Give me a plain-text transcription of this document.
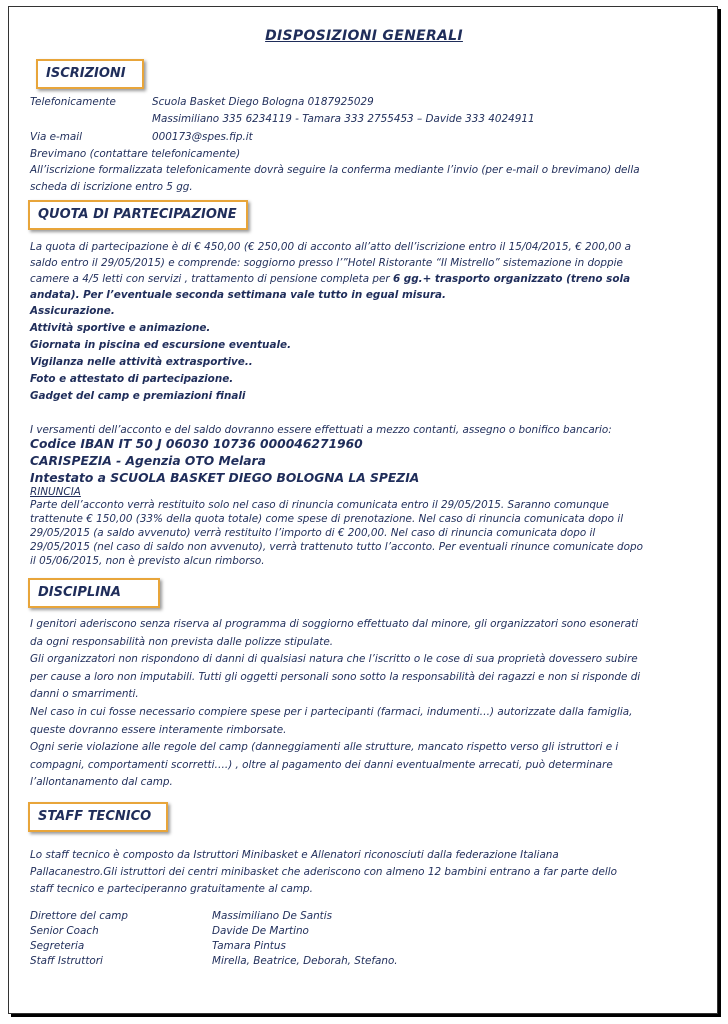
DISPOSIZIONI GENERALI
ISCRIZIONI
Telefonicamente	Scuola Basket Diego Bologna 0187925029
Massimiliano 335 6234119 - Tamara 333 2755453 – Davide 333 4024911
Via e-mail	000173@spes.fip.it
Brevimano (contattare telefonicamente)
All’iscrizione formalizzata telefonicamente dovrà seguire la conferma mediante l’invio (per e-mail o brevimano) della
scheda di iscrizione entro 5 gg.
QUOTA DI PARTECIPAZIONE
La quota di partecipazione è di € 450,00 (€ 250,00 di acconto all’atto dell’iscrizione entro il 15/04/2015, € 200,00 a
saldo entro il 29/05/2015) e comprende: soggiorno presso l’”Hotel Ristorante “Il Mistrello” sistemazione in doppie
camere a 4/5 letti con servizi , trattamento di pensione completa per 6 gg.+ trasporto organizzato (treno sola
andata). Per l’eventuale seconda settimana vale tutto in egual misura.
Assicurazione.
Attività sportive e animazione.
Giornata in piscina ed escursione eventuale.
Vigilanza nelle attività extrasportive..
Foto e attestato di partecipazione.
Gadget del camp e premiazioni finali
I versamenti dell’acconto e del saldo dovranno essere effettuati a mezzo contanti, assegno o bonifico bancario:
Codice IBAN IT 50 J 06030 10736 000046271960
CARISPEZIA - Agenzia OTO Melara
Intestato a SCUOLA BASKET DIEGO BOLOGNA LA SPEZIA
RINUNCIA
Parte dell’acconto verrà restituito solo nel caso di rinuncia comunicata entro il 29/05/2015. Saranno comunque
trattenute € 150,00 (33% della quota totale) come spese di prenotazione. Nel caso di rinuncia comunicata dopo il
29/05/2015 (a saldo avvenuto) verrà restituito l’importo di € 200,00. Nel caso di rinuncia comunicata dopo il
29/05/2015 (nel caso di saldo non avvenuto), verrà trattenuto tutto l’acconto. Per eventuali rinunce comunicate dopo
il 05/06/2015, non è previsto alcun rimborso.
DISCIPLINA
I genitori aderiscono senza riserva al programma di soggiorno effettuato dal minore, gli organizzatori sono esonerati
da ogni responsabilità non prevista dalle polizze stipulate.
Gli organizzatori non rispondono di danni di qualsiasi natura che l’iscritto o le cose di sua proprietà dovessero subire
per cause a loro non imputabili. Tutti gli oggetti personali sono sotto la responsabilità dei ragazzi e non si risponde di
danni o smarrimenti.
Nel caso in cui fosse necessario compiere spese per i partecipanti (farmaci, indumenti…) autorizzate dalla famiglia,
queste dovranno essere interamente rimborsate.
Ogni serie violazione alle regole del camp (danneggiamenti alle strutture, mancato rispetto verso gli istruttori e i
compagni, comportamenti scorretti….) , oltre al pagamento dei danni eventualmente arrecati, può determinare
l’allontanamento dal camp.
STAFF TECNICO
Lo staff tecnico è composto da Istruttori Minibasket e Allenatori riconosciuti dalla federazione Italiana
Pallacanestro.Gli istruttori dei centri minibasket che aderiscono con almeno 12 bambini entrano a far parte dello
staff tecnico e parteciperanno gratuitamente al camp.
Direttore del camp	Massimiliano De Santis
Senior Coach	Davide De Martino
Segreteria	Tamara Pintus
Staff Istruttori	Mirella, Beatrice, Deborah, Stefano.
